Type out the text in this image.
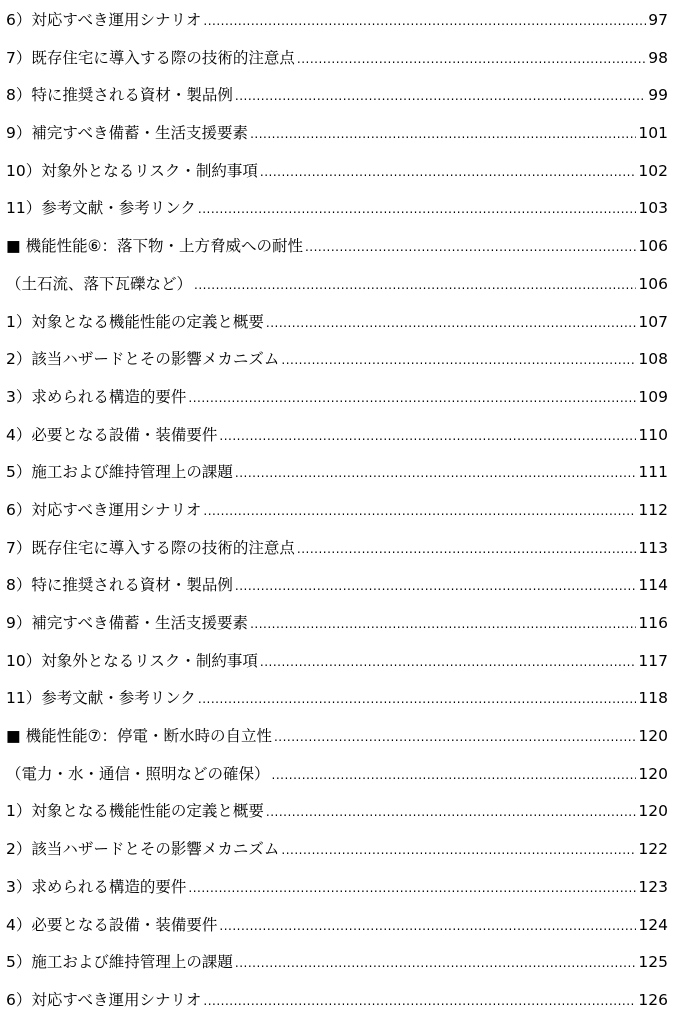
6）対応すべき運用シナリオ .....	97
7）既存住宅に導入する際の技術的注意点 .....	98
8）特に推奨される資材・製品例 .....	99
9）補完すべき備蓄・生活支援要素 .....	101
10）対象外となるリスク・制約事項 .....	102
11）参考文献・参考リンク .....	103
■ 機能性能⑥：落下物・上方脅威への耐性 .....	106
（土石流、落下瓦礫など） .....	106
1）対象となる機能性能の定義と概要 .....	107
2）該当ハザードとその影響メカニズム .....	108
3）求められる構造的要件 .....	109
4）必要となる設備・装備要件 .....	110
5）施工および維持管理上の課題 .....	111
6）対応すべき運用シナリオ .....	112
7）既存住宅に導入する際の技術的注意点 .....	113
8）特に推奨される資材・製品例 .....	114
9）補完すべき備蓄・生活支援要素 .....	116
10）対象外となるリスク・制約事項 .....	117
11）参考文献・参考リンク .....	118
■ 機能性能⑦：停電・断水時の自立性 .....	120
（電力・水・通信・照明などの確保） .....	120
1）対象となる機能性能の定義と概要 .....	120
2）該当ハザードとその影響メカニズム .....	122
3）求められる構造的要件 .....	123
4）必要となる設備・装備要件 .....	124
5）施工および維持管理上の課題 .....	125
6）対応すべき運用シナリオ .....	126
